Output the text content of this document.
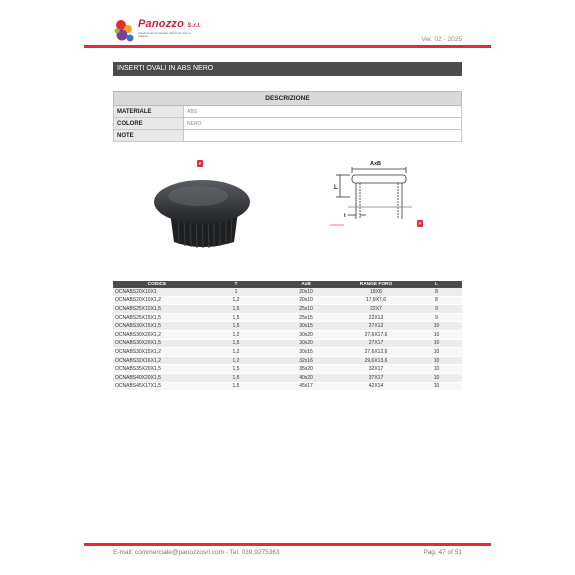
Panozzo S.r.l.
Articoli tecnici di materiale plastico per tutte le industrie	Ver. 02 - 2025
INSERTI OVALI IN ABS NERO
DESCRIZIONE	
MATERIALE	ABS
COLORE	NERO
NOTE	
P
L
AxB
t
P
CODICE	T	AxB	RANGE FORO	L
OCNABS20X10X1	1	20x10	18X8	8
OCNABS20X10X1,2	1,2	20x10	17,8X7,6	8
OCNABS25X10X1,5	1,5	25x10	22X7	9
OCNABS25X15X1,5	1,5	25x15	22X12	9
OCNABS30X15X1,5	1,5	30x15	27X12	10
OCNABS30X20X1,2	1,2	30x20	27,6X17,6	10
OCNABS30X20X1,5	1,5	30x20	27X17	10
OCNABS30X15X1,2	1,2	30x15	27,6X12,6	10
OCNABS32X16X1,2	1,2	32x16	29,6X13,6	10
OCNABS35X20X1,5	1,5	35x20	32X17	10
OCNABS40X20X1,5	1,5	40x20	37X17	10
OCNABS45X17X1,5	1,5	45x17	42X14	10
E-mail: commerciale@panozzosrl.com - Tel. 039.9275363	Pag. 47 of 51
